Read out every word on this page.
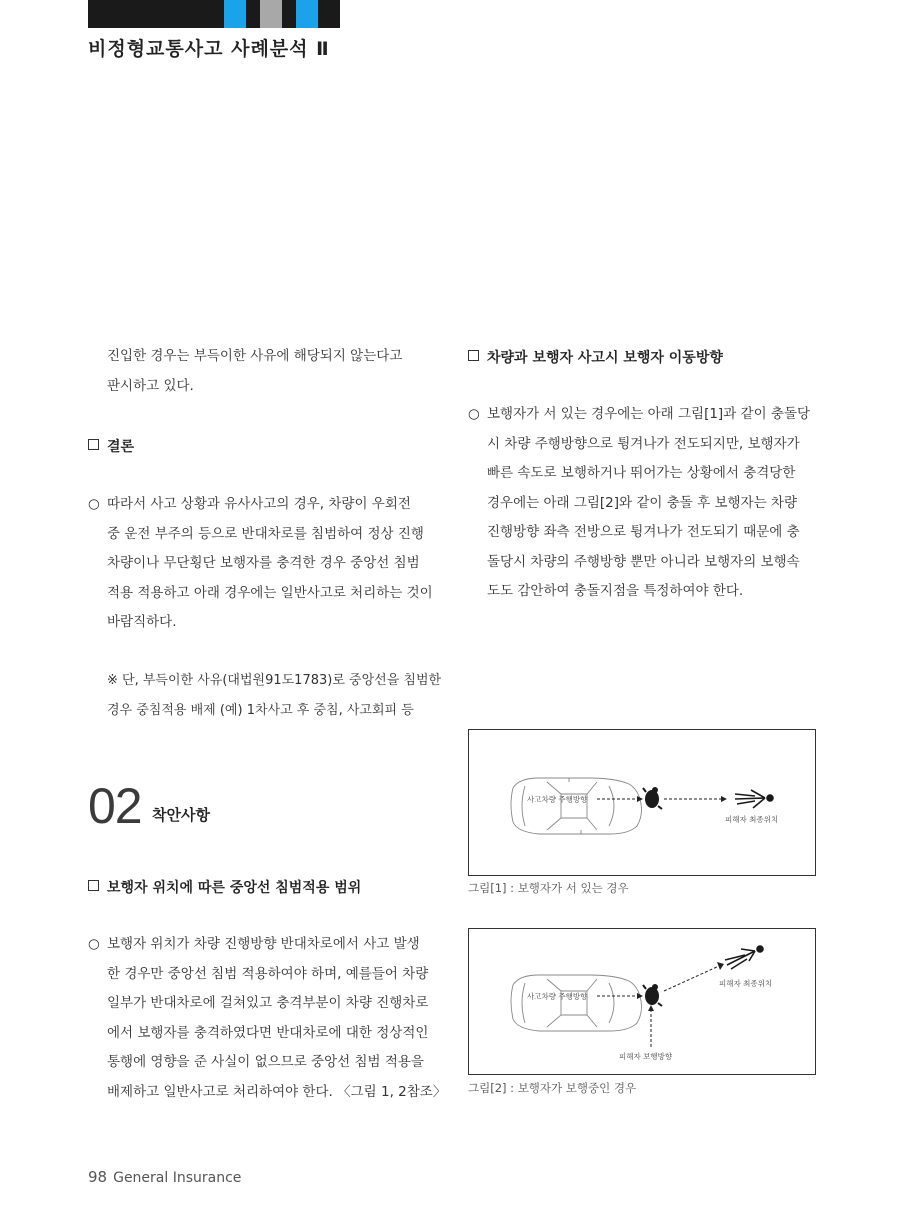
비정형교통사고 사례분석 Ⅱ
진입한 경우는 부득이한 사유에 해당되지 않는다고
판시하고 있다.
결론
○ 따라서 사고 상황과 유사사고의 경우, 차량이 우회전
중 운전 부주의 등으로 반대차로를 침범하여 정상 진행
차량이나 무단횡단 보행자를 충격한 경우 중앙선 침범
적용 적용하고 아래 경우에는 일반사고로 처리하는 것이
바람직하다.
※ 단, 부득이한 사유(대법원91도1783)로 중앙선을 침범한
경우 중침적용 배제 (예) 1차사고 후 중침, 사고회피 등
보행자 위치에 따른 중앙선 침범적용 범위
○ 보행자 위치가 차량 진행방향 반대차로에서 사고 발생
한 경우만 중앙선 침범 적용하여야 하며, 예를들어 차량
일부가 반대차로에 걸쳐있고 충격부분이 차량 진행차로
에서 보행자를 충격하였다면 반대차로에 대한 정상적인
통행에 영향을 준 사실이 없으므로 중앙선 침범 적용을
배제하고 일반사고로 처리하여야 한다. 〈그림 1, 2참조〉
02 착안사항
차량과 보행자 사고시 보행자 이동방향
○ 보행자가 서 있는 경우에는 아래 그림[1]과 같이 충돌당
시 차량 주행방향으로 튕겨나가 전도되지만, 보행자가
빠른 속도로 보행하거나 뛰어가는 상황에서 충격당한
경우에는 아래 그림[2]와 같이 충돌 후 보행자는 차량
진행방향 좌측 전방으로 튕겨나가 전도되기 때문에 충
돌당시 차량의 주행방향 뿐만 아니라 보행자의 보행속
도도 감안하여 충돌지점을 특정하여야 한다.
사고차량 주행방향
피해자 최종위치
그림[1] : 보행자가 서 있는 경우
사고차량 주행방향
피해자 최종위치
피해자 보행방향
그림[2] : 보행자가 보행중인 경우
98 General Insurance
